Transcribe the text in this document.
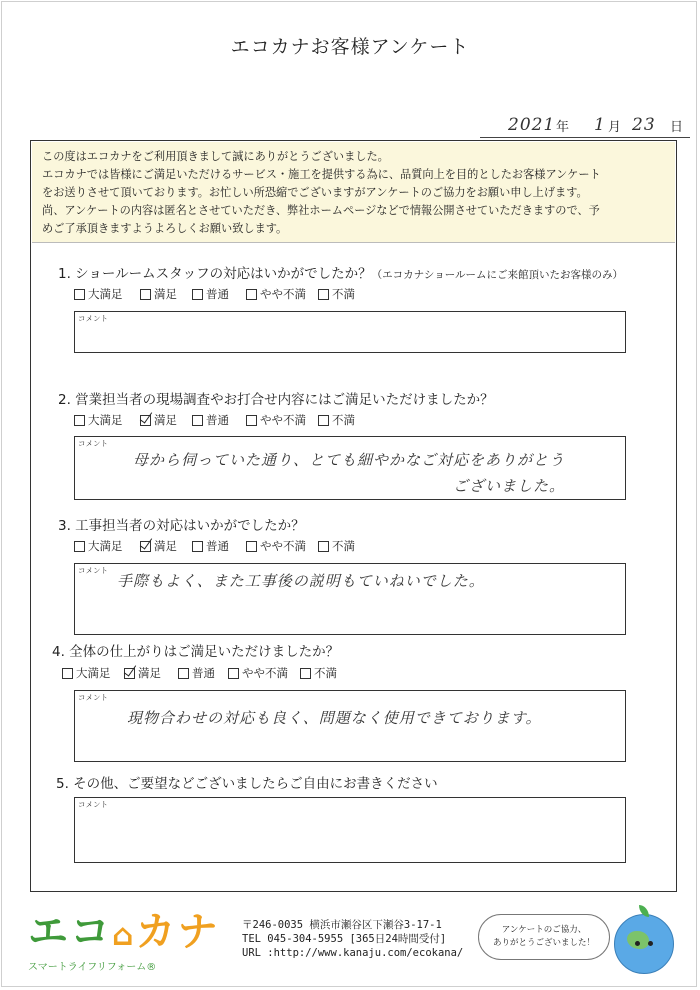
エコカナお客様アンケート
2021 年 1 月 23 日

この度はエコカナをご利用頂きまして誠にありがとうございました。

エコカナでは皆様にご満足いただけるサービス・施工を提供する為に、品質向上を目的としたお客様アンケート

をお送りさせて頂いております。お忙しい所恐縮でございますがアンケートのご協力をお願い申し上げます。

尚、アンケートの内容は匿名とさせていただき、弊社ホームページなどで情報公開させていただきますので、予

めご了承頂きますようよろしくお願い致します。

1. ショールームスタッフの対応はいかがでしたか？（エコカナショールームにご来館頂いたお客様のみ）
大満足	満足	普通	やや不満 不満
コメント
2. 営業担当者の現場調査やお打合せ内容にはご満足いただけましたか？
大満足	満足	普通	やや不満 不満
コメント
母から伺っていた通り、とても細やかなご対応をありがとう
ございました。
3. 工事担当者の対応はいかがでしたか？
大満足	満足	普通	やや不満 不満
コメント
手際もよく、また工事後の説明もていねいでした。
4. 全体の仕上がりはご満足いただけましたか？
大満足 満足	普通 やや不満 不満
コメント
現物合わせの対応も良く、問題なく使用できております。
5. その他、ご要望などございましたらご自由にお書きください
コメント
エコ⌂カナ
スマートライフリフォーム®
〒246-0035 横浜市瀬谷区下瀬谷3-17-1
TEL 045-304-5955 [365日24時間受付]
URL :http://www.kanaju.com/ecokana/
アンケートのご協力、
ありがとうございました！
